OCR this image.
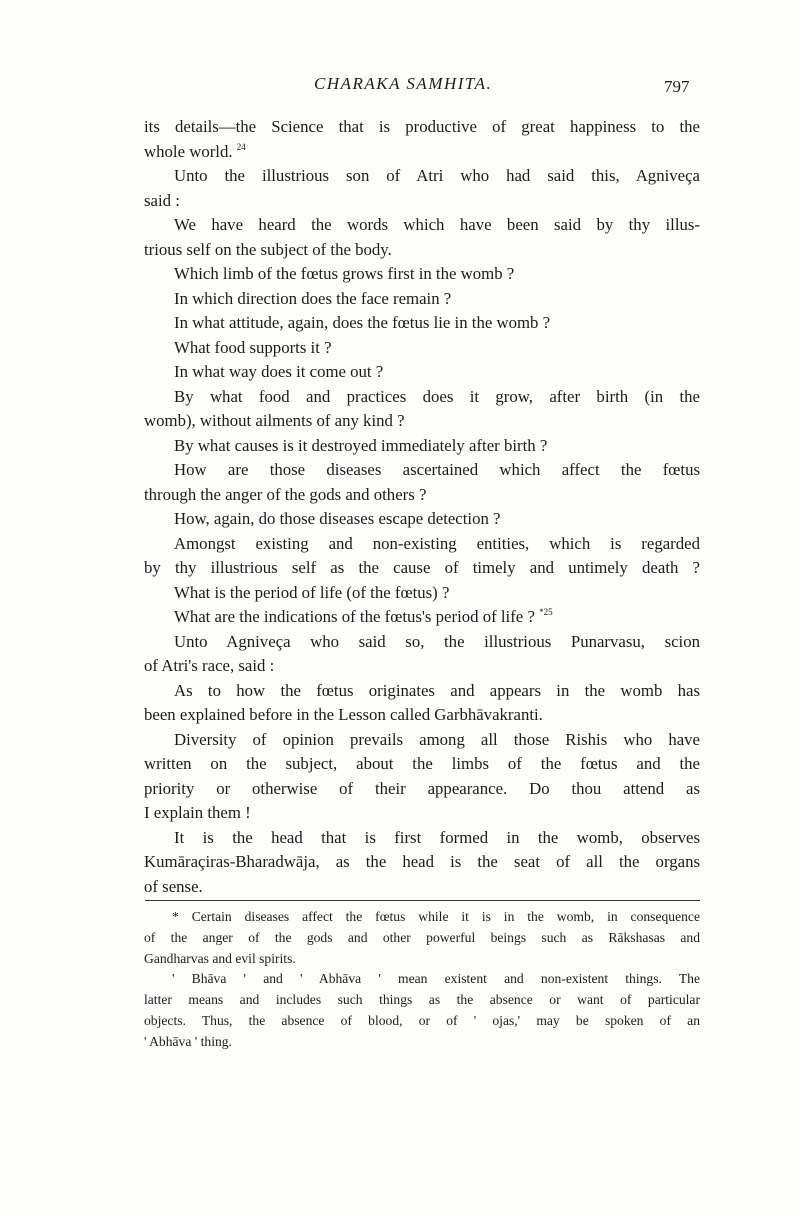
CHARAKA SAMHITA.	797
its details—the Science that is productive of great happiness to the
whole world. $^{24}$
Unto the illustrious son of Atri who had said this, Agniveça
said :
We have heard the words which have been said by thy illus-
trious self on the subject of the body.
Which limb of the fœtus grows first in the womb ?
In which direction does the face remain ?
In what attitude, again, does the fœtus lie in the womb ?
What food supports it ?
In what way does it come out ?
By what food and practices does it grow, after birth (in the
womb), without ailments of any kind ?
By what causes is it destroyed immediately after birth ?
How are those diseases ascertained which affect the fœtus
through the anger of the gods and others ?
How, again, do those diseases escape detection ?
Amongst existing and non-existing entities, which is regarded
by thy illustrious self as the cause of timely and untimely death ?
What is the period of life (of the fœtus) ?
What are the indications of the fœtus's period of life ? $^{*25}$
Unto Agniveça who said so, the illustrious Punarvasu, scion
of Atri's race, said :
As to how the fœtus originates and appears in the womb has
been explained before in the Lesson called Garbhāvakranti.
Diversity of opinion prevails among all those Rishis who have
written on the subject, about the limbs of the fœtus and the
priority or otherwise of their appearance. Do thou attend as
I explain them !
It is the head that is first formed in the womb, observes
Kumāraçiras-Bharadwāja, as the head is the seat of all the organs
of sense.
* Certain diseases affect the fœtus while it is in the womb, in consequence
of the anger of the gods and other powerful beings such as Rākshasas and
Gandharvas and evil spirits.
' Bhāva ' and ' Abhāva ' mean existent and non-existent things. The
latter means and includes such things as the absence or want of particular
objects. Thus, the absence of blood, or of ' ojas,' may be spoken of an
' Abhāva ' thing.
